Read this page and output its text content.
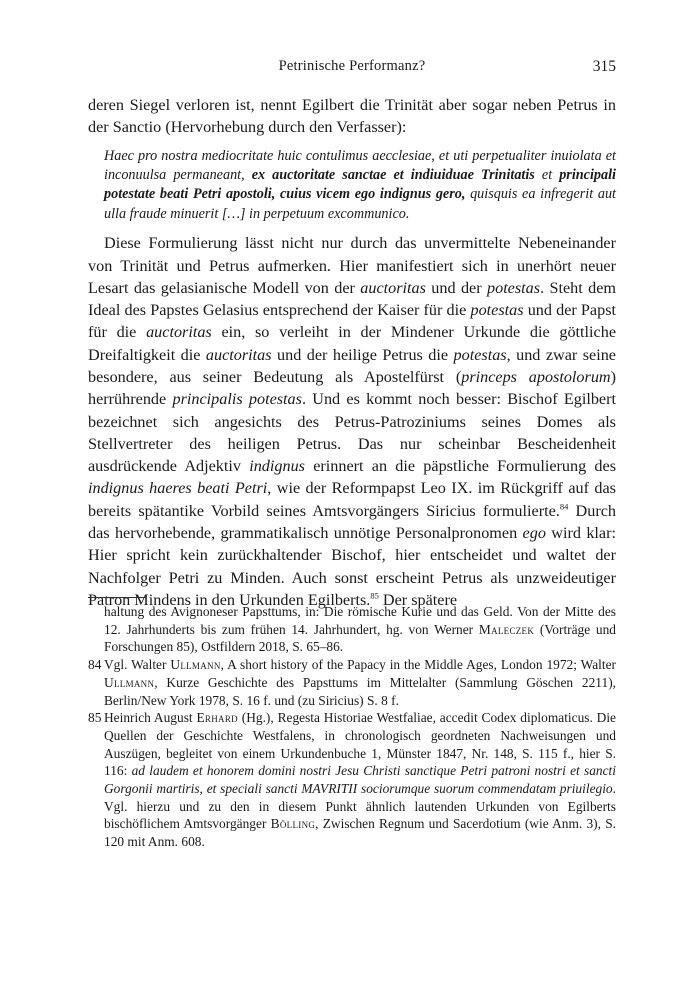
Petrinische Performanz?	315

deren Siegel verloren ist, nennt Egilbert die Trinität aber sogar neben Petrus in der Sanctio (Hervorhebung durch den Verfasser):

Haec pro nostra mediocritate huic contulimus aecclesiae, et uti perpetualiter inuiolata et inconuulsa permaneant, ex auctoritate sanctae et indiuiduae Trinitatis et principali potestate beati Petri apostoli, cuius vicem ego indignus gero, quisquis ea infregerit aut ulla fraude minuerit […] in perpetuum excommunico.

Diese Formulierung lässt nicht nur durch das unvermittelte Nebeneinander von Trinität und Petrus aufmerken. Hier manifestiert sich in unerhört neuer Lesart das gelasianische Modell von der auctoritas und der potestas. Steht dem Ideal des Papstes Gelasius entsprechend der Kaiser für die potestas und der Papst für die auctoritas ein, so verleiht in der Mindener Urkunde die göttliche Dreifaltigkeit die auctoritas und der heilige Petrus die potestas, und zwar seine besondere, aus seiner Bedeutung als Apostelfürst (princeps apostolorum) herrührende principalis potestas. Und es kommt noch besser: Bischof Egilbert bezeichnet sich angesichts des Petrus-Patroziniums seines Domes als Stellvertreter des heiligen Petrus. Das nur scheinbar Bescheidenheit ausdrückende Adjektiv indignus erinnert an die päpstliche Formulierung des indignus haeres beati Petri, wie der Reformpapst Leo IX. im Rückgriff auf das bereits spätantike Vorbild seines Amtsvorgängers Siricius formulierte.$^{84}$ Durch das hervorhebende, grammatikalisch unnötige Personalpronomen ego wird klar: Hier spricht kein zurückhaltender Bischof, hier entscheidet und waltet der Nachfolger Petri zu Minden. Auch sonst erscheint Petrus als unzweideutiger Patron Mindens in den Urkunden Egilberts.$^{85}$ Der spätere

haltung des Avignoneser Papsttums, in: Die römische Kurie und das Geld. Von der Mitte des 12. Jahrhunderts bis zum frühen 14. Jahrhundert, hg. von Werner Maleczek (Vorträge und Forschungen 85), Ostfildern 2018, S. 65–86.

84 Vgl. Walter Ullmann, A short history of the Papacy in the Middle Ages, London 1972; Walter Ullmann, Kurze Geschichte des Papsttums im Mittelalter (Sammlung Göschen 2211), Berlin/New York 1978, S. 16 f. und (zu Siricius) S. 8 f.

85 Heinrich August Erhard (Hg.), Regesta Historiae Westfaliae, accedit Codex diplomaticus. Die Quellen der Geschichte Westfalens, in chronologisch geordneten Nachweisungen und Auszügen, begleitet von einem Urkundenbuche 1, Münster 1847, Nr. 148, S. 115 f., hier S. 116: ad laudem et honorem domini nostri Jesu Christi sanctique Petri patroni nostri et sancti Gorgonii martiris, et speciali sancti MAVRITII sociorumque suorum commendatam priuilegio. Vgl. hierzu und zu den in diesem Punkt ähnlich lautenden Urkunden von Egilberts bischöflichem Amtsvorgänger Bölling, Zwischen Regnum und Sacerdotium (wie Anm. 3), S. 120 mit Anm. 608.
